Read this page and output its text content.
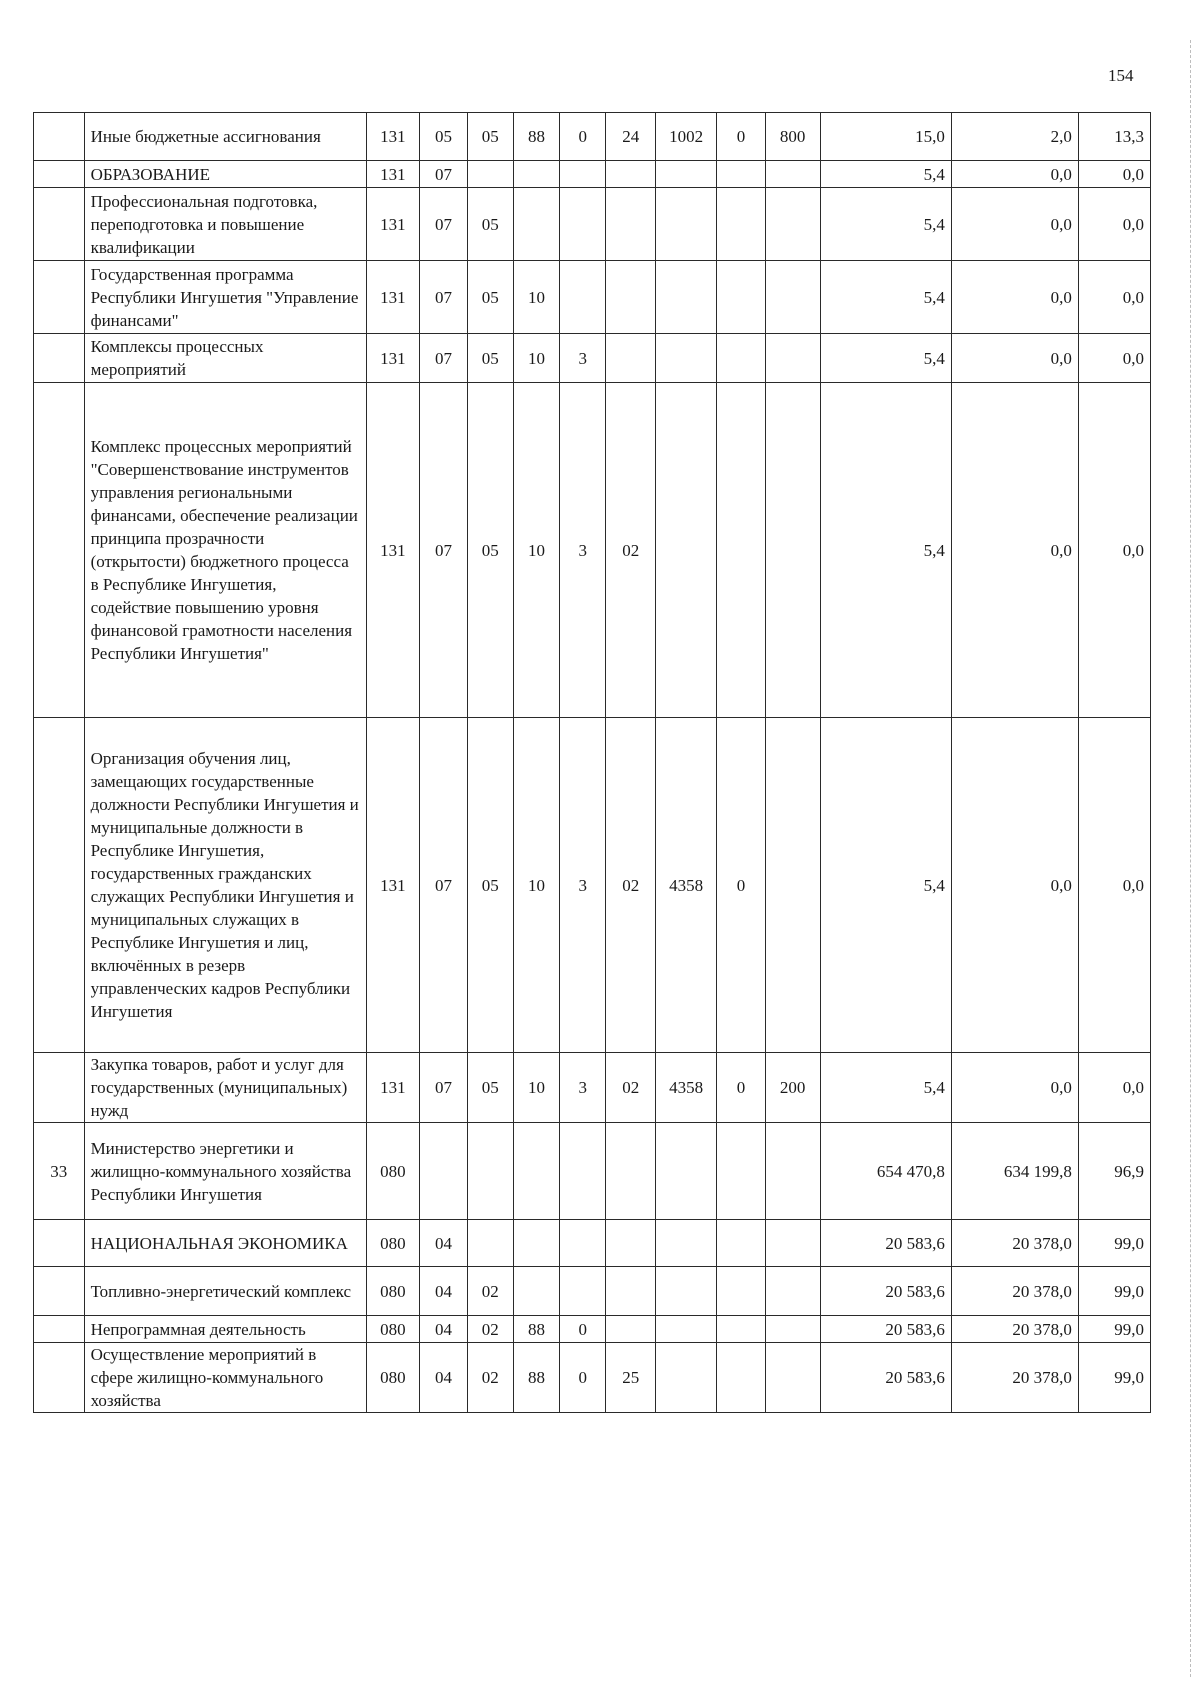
154
	Иные бюджетные ассигнования	131	05	05	88	0	24	1002	0	800	15,0	2,0	13,3
	ОБРАЗОВАНИЕ	131	07								5,4	0,0	0,0
	Профессиональная подготовка, переподготовка и повышение квалификации	131	07	05							5,4	0,0	0,0
	Государственная программа Республики Ингушетия "Управление финансами"	131	07	05	10						5,4	0,0	0,0
	Комплексы процессных мероприятий	131	07	05	10	3					5,4	0,0	0,0
	Комплекс процессных мероприятий "Совершенствование инструментов управления региональными финансами, обеспечение реализации принципа прозрачности (открытости) бюджетного процесса в Республике Ингушетия, содействие повышению уровня финансовой грамотности населения Республики Ингушетия"	131	07	05	10	3	02				5,4	0,0	0,0
	Организация обучения лиц, замещающих государственные должности Республики Ингушетия и муниципальные должности в Республике Ингушетия, государственных гражданских служащих Республики Ингушетия и муниципальных служащих в Республике Ингушетия и лиц, включённых в резерв управленческих кадров Республики Ингушетия	131	07	05	10	3	02	4358	0		5,4	0,0	0,0
	Закупка товаров, работ и услуг для государственных (муниципальных) нужд	131	07	05	10	3	02	4358	0	200	5,4	0,0	0,0
33	Министерство энергетики и жилищно-коммунального хозяйства Республики Ингушетия	080									654 470,8	634 199,8	96,9
	НАЦИОНАЛЬНАЯ ЭКОНОМИКА	080	04								20 583,6	20 378,0	99,0
	Топливно-энергетический комплекс	080	04	02							20 583,6	20 378,0	99,0
	Непрограммная деятельность	080	04	02	88	0					20 583,6	20 378,0	99,0
	Осуществление мероприятий в сфере жилищно-коммунального хозяйства	080	04	02	88	0	25				20 583,6	20 378,0	99,0
